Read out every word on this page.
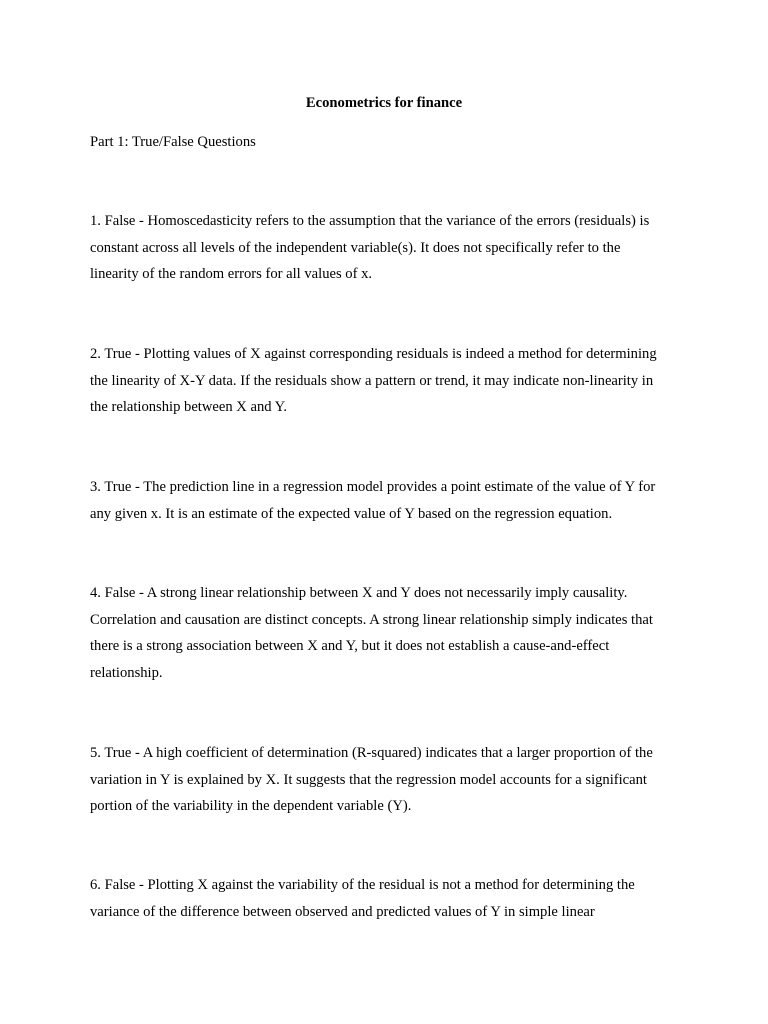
Econometrics for finance
Part 1: True/False Questions

1. False - Homoscedasticity refers to the assumption that the variance of the errors (residuals) is
constant across all levels of the independent variable(s). It does not specifically refer to the
linearity of the random errors for all values of x.

2. True - Plotting values of X against corresponding residuals is indeed a method for determining
the linearity of X-Y data. If the residuals show a pattern or trend, it may indicate non-linearity in
the relationship between X and Y.

3. True - The prediction line in a regression model provides a point estimate of the value of Y for
any given x. It is an estimate of the expected value of Y based on the regression equation.

4. False - A strong linear relationship between X and Y does not necessarily imply causality.
Correlation and causation are distinct concepts. A strong linear relationship simply indicates that
there is a strong association between X and Y, but it does not establish a cause-and-effect
relationship.

5. True - A high coefficient of determination (R-squared) indicates that a larger proportion of the
variation in Y is explained by X. It suggests that the regression model accounts for a significant
portion of the variability in the dependent variable (Y).

6. False - Plotting X against the variability of the residual is not a method for determining the
variance of the difference between observed and predicted values of Y in simple linear
